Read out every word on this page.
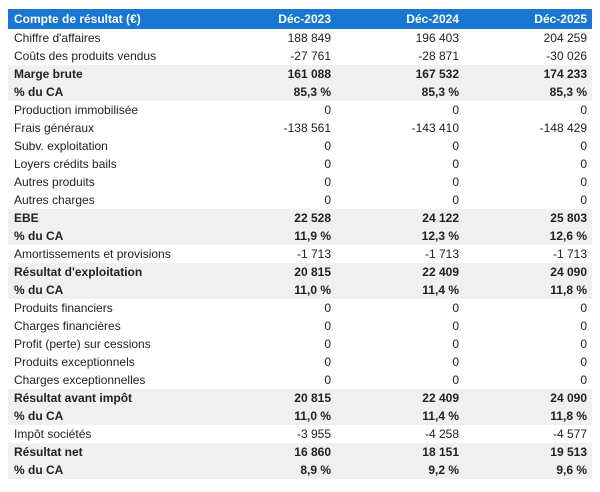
Compte de résultat (€)	Déc-2023	Déc-2024	Déc-2025
Chiffre d'affaires	188 849	196 403	204 259
Coûts des produits vendus	-27 761	-28 871	-30 026
Marge brute	161 088	167 532	174 233
% du CA	85,3 %	85,3 %	85,3 %
Production immobilisée	0	0	0
Frais généraux	-138 561	-143 410	-148 429
Subv. exploitation	0	0	0
Loyers crédits bails	0	0	0
Autres produits	0	0	0
Autres charges	0	0	0
EBE	22 528	24 122	25 803
% du CA	11,9 %	12,3 %	12,6 %
Amortissements et provisions	-1 713	-1 713	-1 713
Résultat d'exploitation	20 815	22 409	24 090
% du CA	11,0 %	11,4 %	11,8 %
Produits financiers	0	0	0
Charges financières	0	0	0
Profit (perte) sur cessions	0	0	0
Produits exceptionnels	0	0	0
Charges exceptionnelles	0	0	0
Résultat avant impôt	20 815	22 409	24 090
% du CA	11,0 %	11,4 %	11,8 %
Impôt sociétés	-3 955	-4 258	-4 577
Résultat net	16 860	18 151	19 513
% du CA	8,9 %	9,2 %	9,6 %
